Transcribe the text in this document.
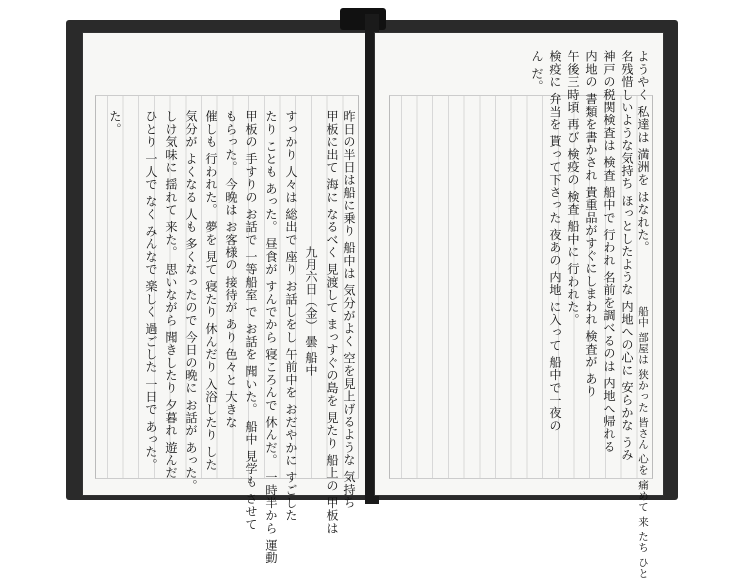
九月六日（金） 曇 船中 昨日の半日は船に乗り 船中は 気分がよく 空を見上げるような 気持ち
甲板に出て 海に なるべく 見渡して まっすぐの島を 見たり 船上の 甲板は
すっかり 人々は 総出で 座り お話しをし 午前中を おだやかに すごした
たり ことも あった。 昼食が すんでから 寝ころんで 休んだ。 一時半から 運動
甲板の 手すりの お話で 一等船室 で お話を 聞いた。 船中 見学も させて
もらった。 今晩は お客様の 接待が あり 色々と 大きな
催しも 行われた。 夢を 見て 寝たり 休んだり 入浴したり した
気分が よくなる 人も 多くなったので 今日の晩に お話が あった。
しけ気味に 揺れて 来た。 思いながら 聞きしたり 夕暮れ 遊んだ
ひとり 一人で なく みんなで 楽しく 過ごした 一日で あった。
た。	ようやく 私達は 満洲を はなれた。
名残惜しいような気持ち ほっとしたような 内地への心に 安らかな うみ
神戸の税関検査は 検査 船中で 行われ 名前を調べるのは 内地へ帰れる
内地の 書類を書かされ 貴重品がすぐにしまわれ 検査が あり
午後三時頃 再び 検疫の 検査 船中に 行われた。
検疫に 弁当を 貰って下さった 夜あの 内地 に入って 船中で一夜の
ん だ。
船中 部屋は 狭かった 皆さん 心を 痛めて 来 たち ひと
